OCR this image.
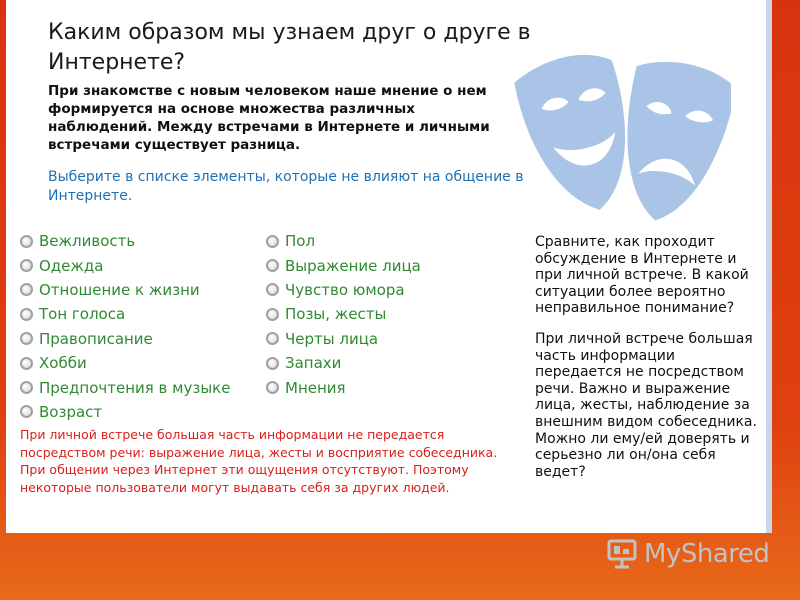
Каким образом мы узнаем друг о друге в Интернете?
При знакомстве с новым человеком наше мнение о нем формируется на основе множества различных наблюдений. Между встречами в Интернете и личными встречами существует разница.
Выберите в списке элементы, которые не влияют на общение в Интернете.
Вежливость
Одежда
Отношение к жизни
Тон голоса
Правописание
Хобби
Предпочтения в музыке
Возраст
Пол
Выражение лица
Чувство юмора
Позы, жесты
Черты лица
Запахи
Мнения
При личной встрече большая часть информации не передается посредством речи: выражение лица, жесты и восприятие собеседника. При общении через Интернет эти ощущения отсутствуют. Поэтому некоторые пользователи могут выдавать себя за других людей.

Сравните, как проходит обсуждение в Интернете и при личной встрече. В какой ситуации более вероятно неправильное понимание?

При личной встрече большая часть информации передается не посредством речи. Важно и выражение лица, жесты, наблюдение за внешним видом собеседника. Можно ли ему/ей доверять и серьезно ли он/она себя ведет?

MyShared
